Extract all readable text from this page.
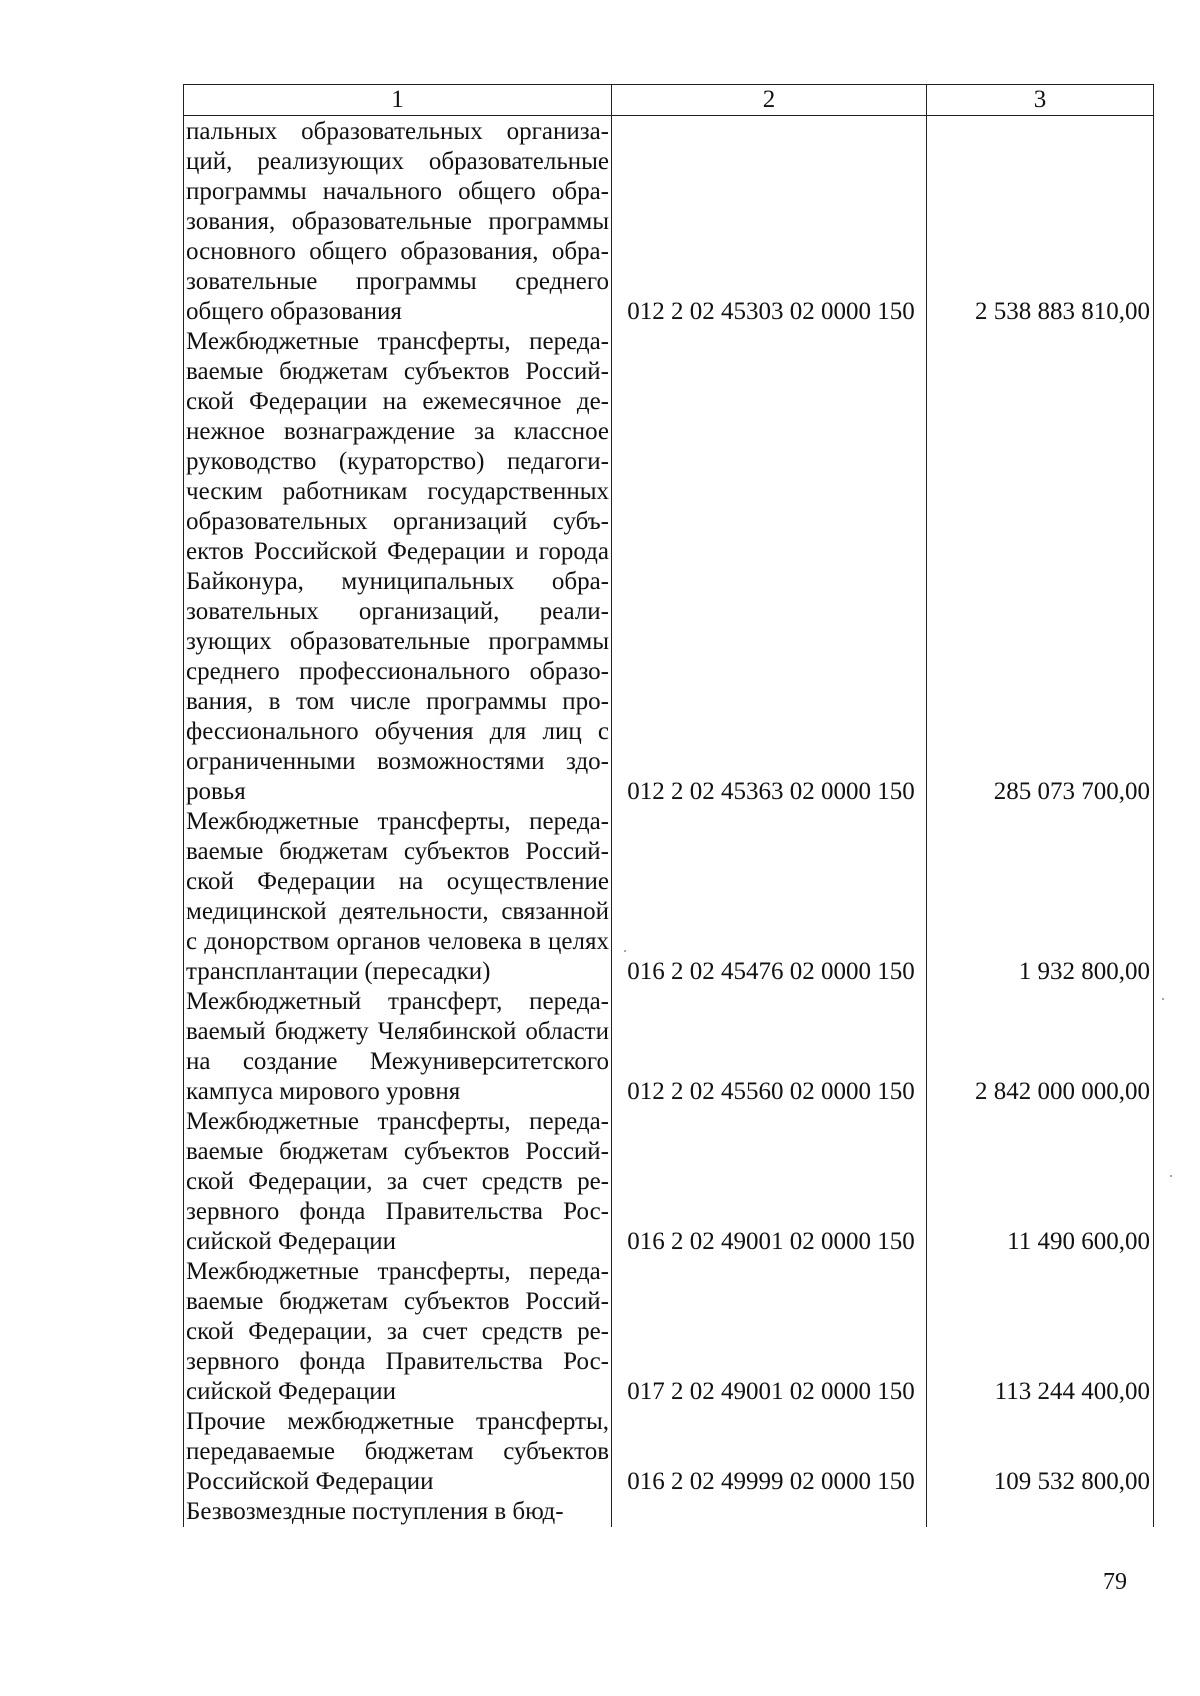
1	2	3
пальных образовательных организаций, реализующих образовательные программы начального общего образования, образовательные программы основного общего образования, образовательные программы среднего общего образования	012 2 02 45303 02 0000 150	2 538 883 810,00
Межбюджетные трансферты, передаваемые бюджетам субъектов Российской Федерации на ежемесячное денежное вознаграждение за классное руководство (кураторство) педагогическим работникам государственных образовательных организаций субъектов Российской Федерации и города Байконура, муниципальных образовательных организаций, реализующих образовательные программы среднего профессионального образования, в том числе программы профессионального обучения для лиц с ограниченными возможностями здоровья	012 2 02 45363 02 0000 150	285 073 700,00
Межбюджетные трансферты, передаваемые бюджетам субъектов Российской Федерации на осуществление медицинской деятельности, связанной с донорством органов человека в целях трансплантации (пересадки)	016 2 02 45476 02 0000 150	1 932 800,00
Межбюджетный трансферт, передаваемый бюджету Челябинской области на создание Межуниверситетского кампуса мирового уровня	012 2 02 45560 02 0000 150	2 842 000 000,00
Межбюджетные трансферты, передаваемые бюджетам субъектов Российской Федерации, за счет средств резервного фонда Правительства Российской Федерации	016 2 02 49001 02 0000 150	11 490 600,00
Межбюджетные трансферты, передаваемые бюджетам субъектов Российской Федерации, за счет средств резервного фонда Правительства Российской Федерации	017 2 02 49001 02 0000 150	113 244 400,00
Прочие межбюджетные трансферты, передаваемые бюджетам субъектов Российской Федерации	016 2 02 49999 02 0000 150	109 532 800,00
Безвозмездные поступления в бюд-		
79
